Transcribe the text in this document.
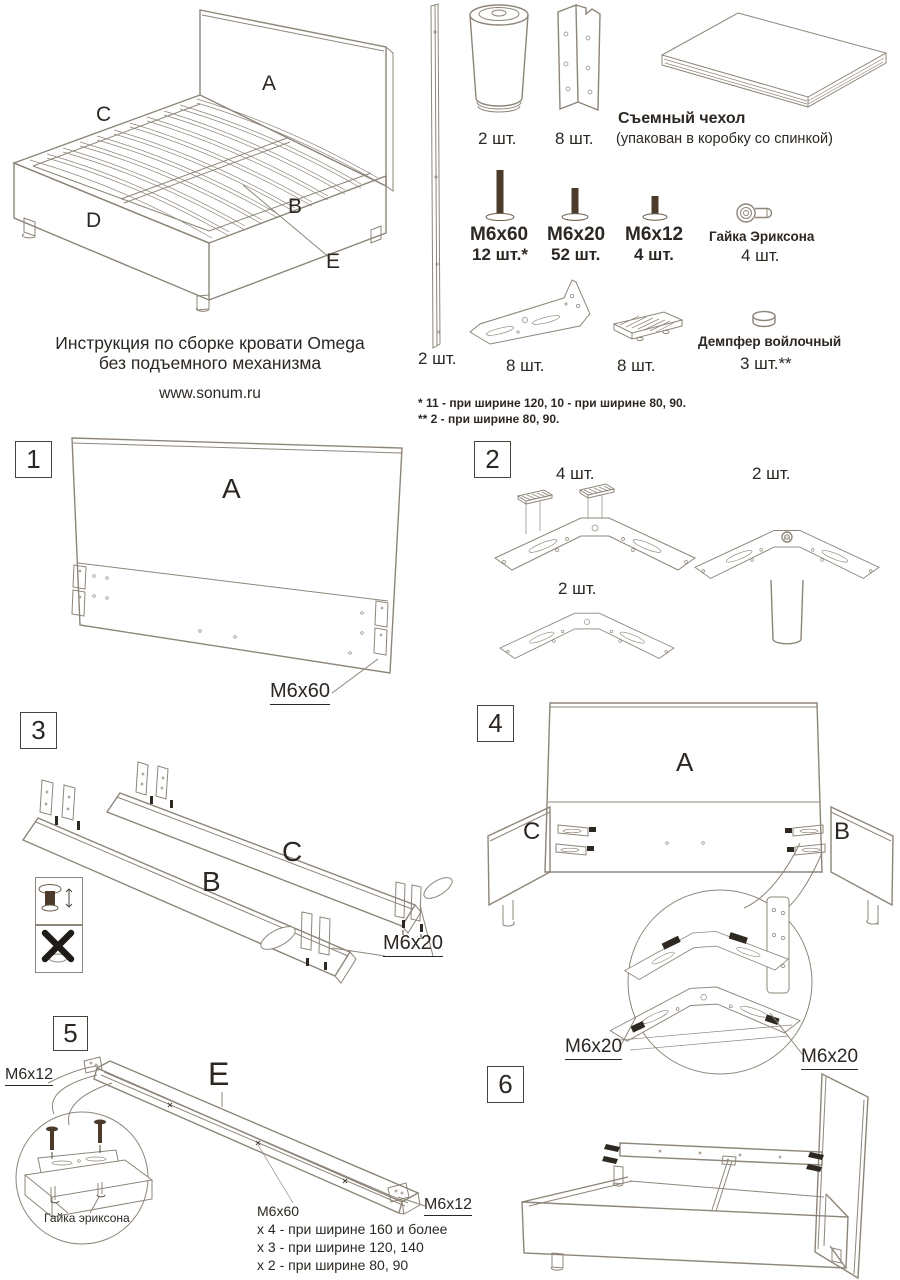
A
C
D
B
E
Инструкция по сборке кровати Omega
без подъемного механизма
www.sonum.ru
2 шт.
2 шт. 8 шт.
Съемный чехол
(упакован в коробку со спинкой)
M6x60
12 шт.*
M6x20
52 шт.
M6x12
4 шт.
Гайка Эриксона
4 шт.
8 шт.	8 шт.
Демпфер войлочный
3 шт.**
* 11 - при ширине 120, 10 - при ширине 80, 90.
** 2 - при ширине 80, 90.
1
A
M6x60
2	4 шт.	2 шт.
2 шт.
3
B
C
M6x20
4
A
C	B
M6x20	M6x20
5
E
M6x12
M6x12
Гайка эриксона	M6x60
x 4 - при ширине 160 и более
x 3 - при ширине 120, 140
x 2 - при ширине 80, 90
6
